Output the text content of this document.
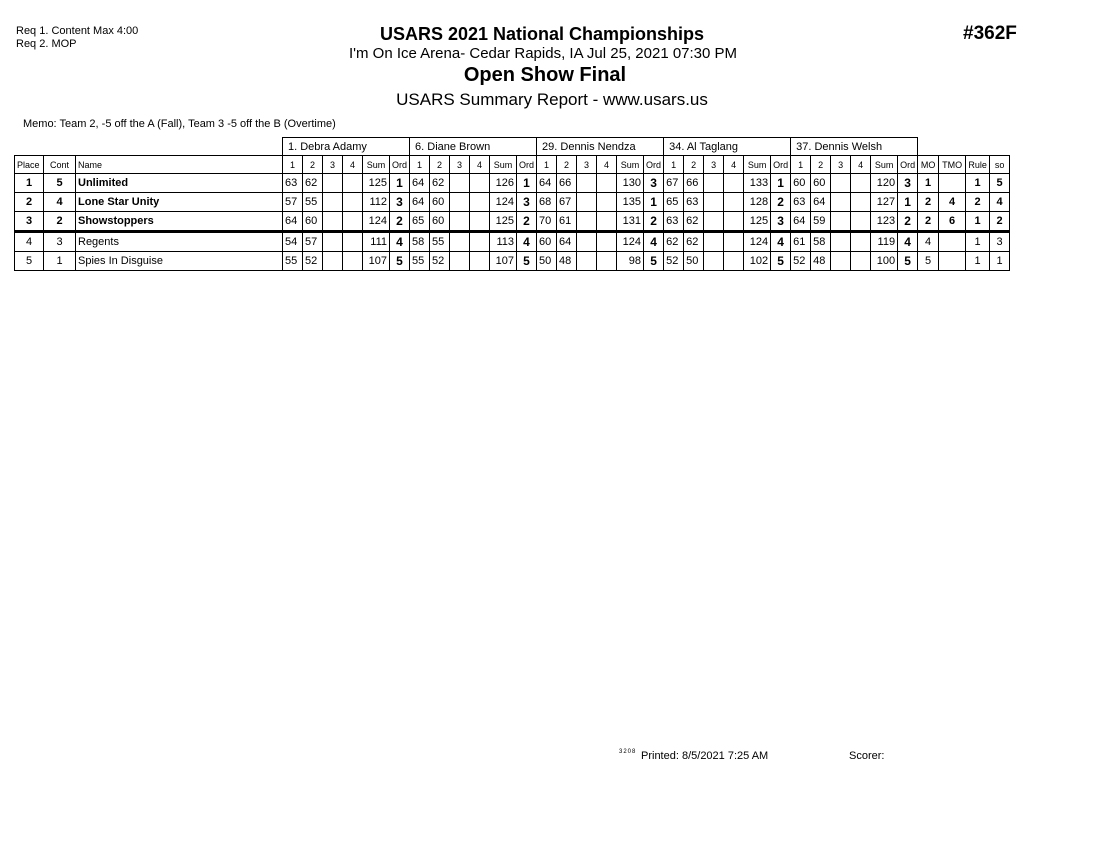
Req 1. Content Max 4:00
Req 2. MOP	USARS 2021 National Championships
I'm On Ice Arena- Cedar Rapids, IA Jul 25, 2021 07:30 PM
Open Show Final
USARS Summary Report - www.usars.us
#362F
Memo: Team 2, -5 off the A (Fall), Team 3 -5 off the B (Overtime)
			1. Debra Adamy						6. Diane Brown						29. Dennis Nendza						34. Al Taglang						37. Dennis Welsh									
Place	Cont	Name	1	2	3	4	Sum	Ord	1	2	3	4	Sum	Ord	1	2	3	4	Sum	Ord	1	2	3	4	Sum	Ord	1	2	3	4	Sum	Ord	MO	TMO	Rule	so
1	5	Unlimited	63	62			125	1	64	62			126	1	64	66			130	3	67	66			133	1	60	60			120	3	1		1	5
2	4	Lone Star Unity	57	55			112	3	64	60			124	3	68	67			135	1	65	63			128	2	63	64			127	1	2	4	2	4
3	2	Showstoppers	64	60			124	2	65	60			125	2	70	61			131	2	63	62			125	3	64	59			123	2	2	6	1	2
4	3	Regents	54	57			111	4	58	55			113	4	60	64			124	4	62	62			124	4	61	58			119	4	4		1	3
5	1	Spies In Disguise	55	52			107	5	55	52			107	5	50	48			98	5	52	50			102	5	52	48			100	5	5		1	1
3208 Printed: 8/5/2021 7:25 AM	Scorer:
